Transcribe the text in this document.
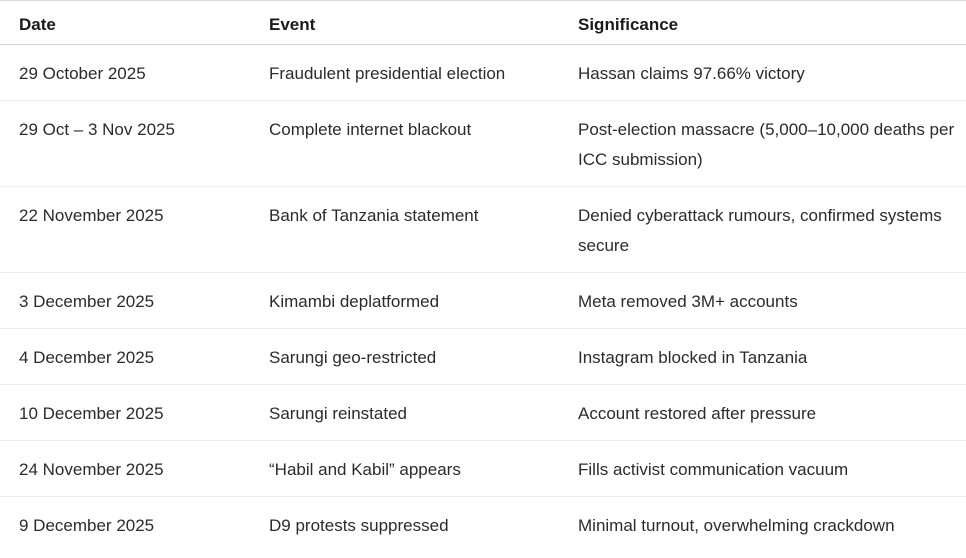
Date	Event	Significance
29 October 2025	Fraudulent presidential election	Hassan claims 97.66% victory
29 Oct – 3 Nov 2025	Complete internet blackout	Post-election massacre (5,000–10,000 deaths per ICC submission)
22 November 2025	Bank of Tanzania statement	Denied cyberattack rumours, confirmed systems secure
3 December 2025	Kimambi deplatformed	Meta removed 3M+ accounts
4 December 2025	Sarungi geo-restricted	Instagram blocked in Tanzania
10 December 2025	Sarungi reinstated	Account restored after pressure
24 November 2025	“Habil and Kabil” appears	Fills activist communication vacuum
9 December 2025	D9 protests suppressed	Minimal turnout, overwhelming crackdown
